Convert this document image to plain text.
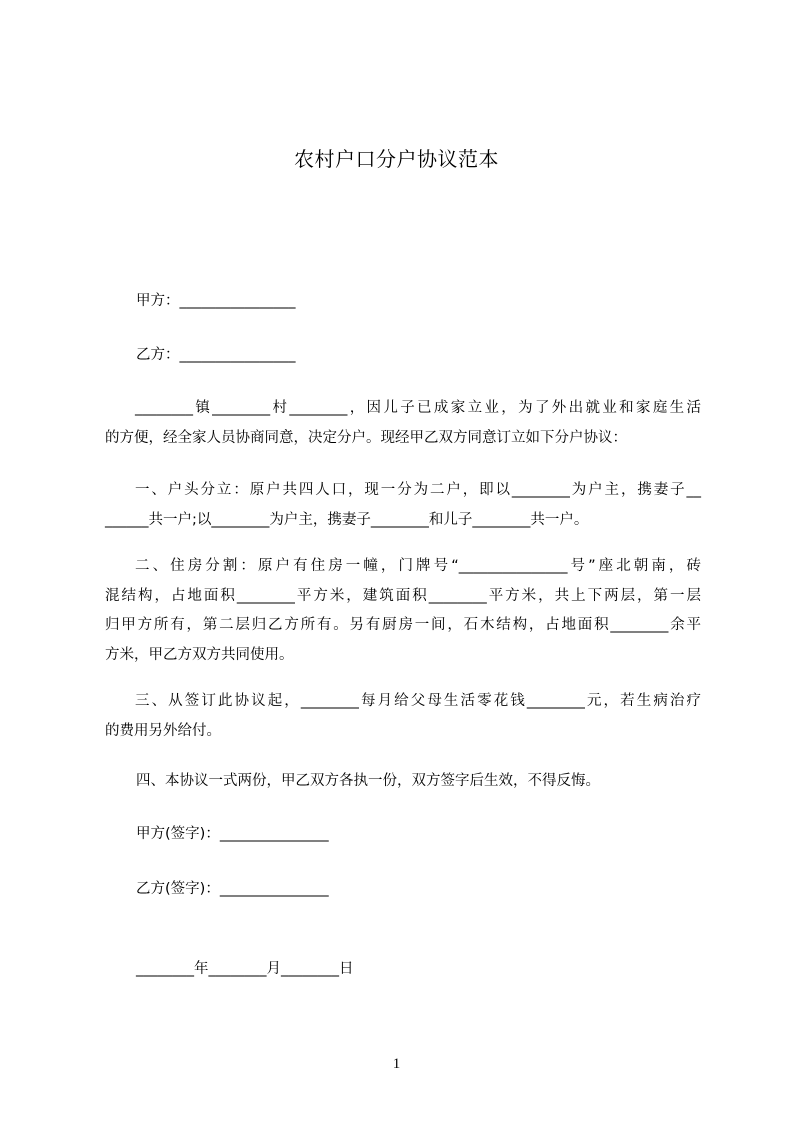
农村户口分户协议范本

甲方：________________

乙方：________________

________镇________村________，因儿子已成家立业，为了外出就业和家庭生活
的方便，经全家人员协商同意，决定分户。现经甲乙双方同意订立如下分户协议：
一、户头分立：原户共四人口，现一分为二户，即以________为户主，携妻子__
______共一户;以________为户主，携妻子________和儿子________共一户。
二、住房分割：原户有住房一幢，门牌号“_______________号”座北朝南，砖
混结构，占地面积________平方米，建筑面积________平方米，共上下两层，第一层
归甲方所有，第二层归乙方所有。另有厨房一间，石木结构，占地面积________余平
方米，甲乙方双方共同使用。
三、从签订此协议起，________每月给父母生活零花钱________元，若生病治疗
的费用另外给付。

四、本协议一式两份，甲乙双方各执一份，双方签字后生效，不得反悔。

甲方(签字)：_______________

乙方(签字)：_______________

________年________月________日

1
